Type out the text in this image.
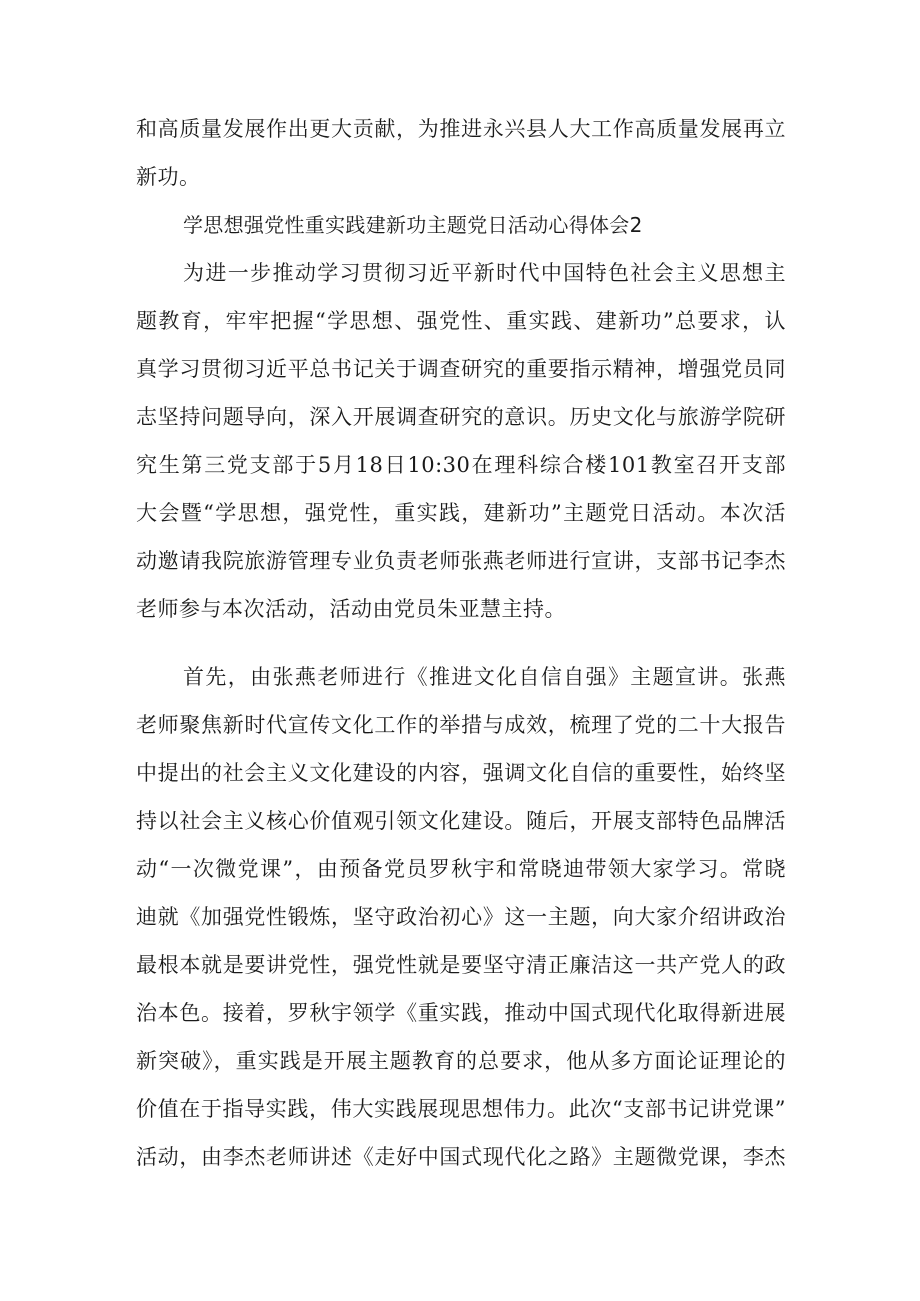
和高质量发展作出更大贡献，为推进永兴县人大工作高质量发展再立

新功。

学思想强党性重实践建新功主题党日活动心得体会2

为进一步推动学习贯彻习近平新时代中国特色社会主义思想主

题教育，牢牢把握“学思想、强党性、重实践、建新功”总要求，认

真学习贯彻习近平总书记关于调查研究的重要指示精神，增强党员同

志坚持问题导向，深入开展调查研究的意识。历史文化与旅游学院研

究生第三党支部于5月18日10:30在理科综合楼101教室召开支部

大会暨“学思想，强党性，重实践，建新功”主题党日活动。本次活

动邀请我院旅游管理专业负责老师张燕老师进行宣讲，支部书记李杰

老师参与本次活动，活动由党员朱亚慧主持。

首先，由张燕老师进行《推进文化自信自强》主题宣讲。张燕

老师聚焦新时代宣传文化工作的举措与成效，梳理了党的二十大报告

中提出的社会主义文化建设的内容，强调文化自信的重要性，始终坚

持以社会主义核心价值观引领文化建设。随后，开展支部特色品牌活

动“一次微党课”，由预备党员罗秋宇和常晓迪带领大家学习。常晓

迪就《加强党性锻炼，坚守政治初心》这一主题，向大家介绍讲政治

最根本就是要讲党性，强党性就是要坚守清正廉洁这一共产党人的政

治本色。接着，罗秋宇领学《重实践，推动中国式现代化取得新进展

新突破》，重实践是开展主题教育的总要求，他从多方面论证理论的

价值在于指导实践，伟大实践展现思想伟力。此次“支部书记讲党课”

活动，由李杰老师讲述《走好中国式现代化之路》主题微党课，李杰
